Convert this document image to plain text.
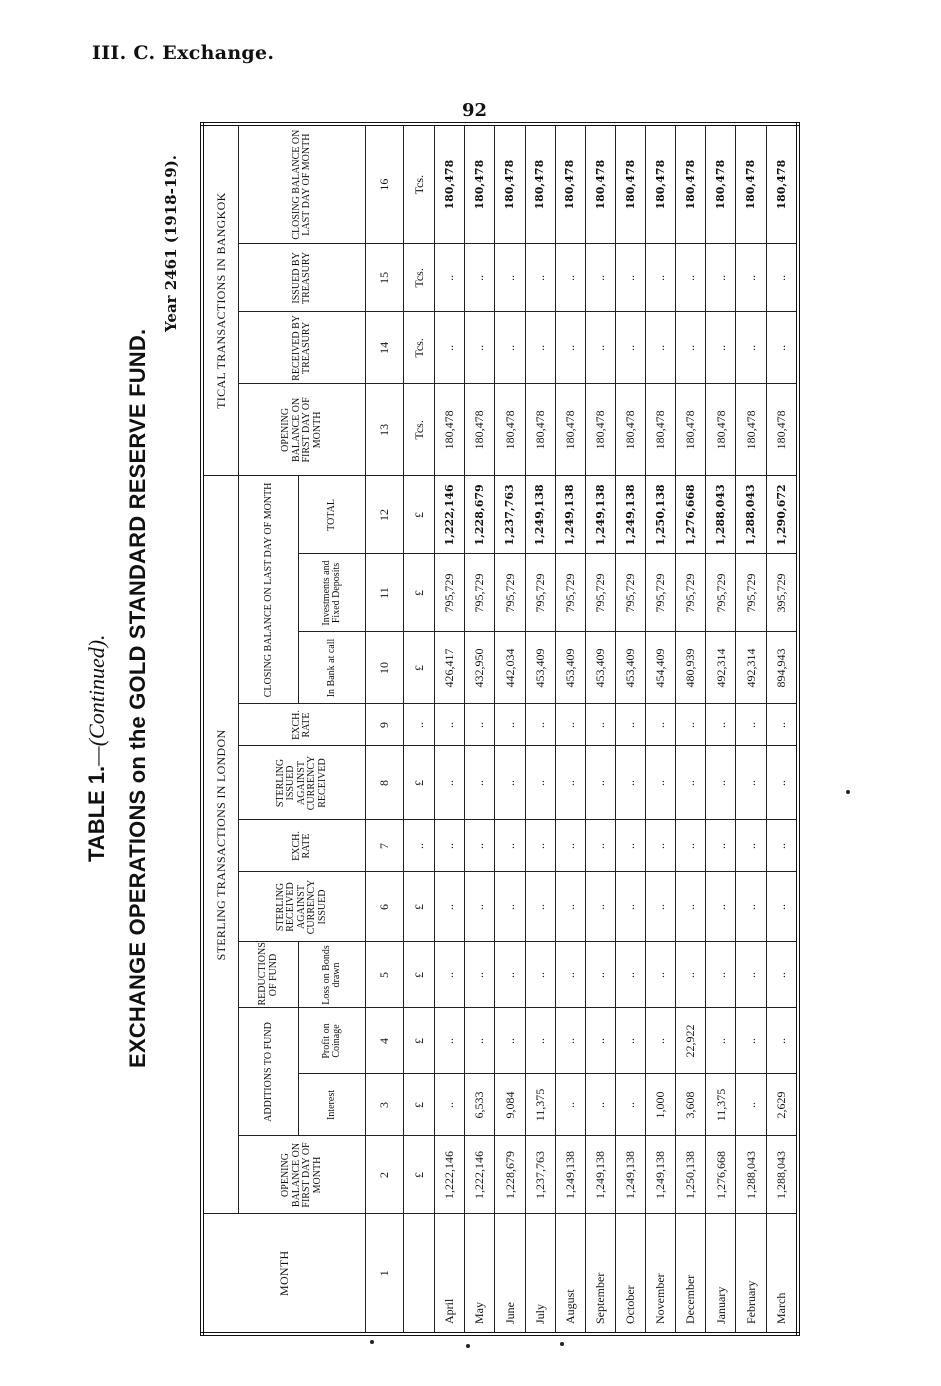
III. C. Exchange.
92
TABLE 1.—(Continued). EXCHANGE OPERATIONS on the GOLD STANDARD RESERVE FUND.
Year 2461 (1918-19).
MONTH	STERLING TRANSACTIONS IN LONDON											TICAL TRANSACTIONS IN BANGKOK			
	OPENING BALANCE ON FIRST DAY OF MONTH	ADDITIONS TO FUND		REDUCTIONS OF FUND	STERLING RECEIVED AGAINST CURRENCY ISSUED	EXCH. RATE	STERLING ISSUED AGAINST CURRENCY RECEIVED	EXCH. RATE	CLOSING BALANCE ON LAST DAY OF MONTH			OPENING BALANCE ON FIRST DAY OF MONTH	RECEIVED BY TREASURY	ISSUED BY TREASURY	CLOSING BALANCE ON LAST DAY OF MONTH
		Interest	Profit on Coinage	Loss on Bonds drawn					In Bank at call	Investments and Fixed Deposits	TOTAL				
1	2	3	4	5	6	7	8	9	10	11	12	13	14	15	16
	£	£	£	£	£	..	£	..	£	£	£	Tcs.	Tcs.	Tcs.	Tcs.
April	1,222,146	..	..	..	..	..	..	..	426,417	795,729	1,222,146	180,478	..	..	180,478
May	1,222,146	6,533	..	..	..	..	..	..	432,950	795,729	1,228,679	180,478	..	..	180,478
June	1,228,679	9,084	..	..	..	..	..	..	442,034	795,729	1,237,763	180,478	..	..	180,478
July	1,237,763	11,375	..	..	..	..	..	..	453,409	795,729	1,249,138	180,478	..	..	180,478
August	1,249,138	..	..	..	..	..	..	..	453,409	795,729	1,249,138	180,478	..	..	180,478
September	1,249,138	..	..	..	..	..	..	..	453,409	795,729	1,249,138	180,478	..	..	180,478
October	1,249,138	..	..	..	..	..	..	..	453,409	795,729	1,249,138	180,478	..	..	180,478
November	1,249,138	1,000	..	..	..	..	..	..	454,409	795,729	1,250,138	180,478	..	..	180,478
December	1,250,138	3,608	22,922	..	..	..	..	..	480,939	795,729	1,276,668	180,478	..	..	180,478
January	1,276,668	11,375	..	..	..	..	..	..	492,314	795,729	1,288,043	180,478	..	..	180,478
February	1,288,043	..	..	..	..	..	..	..	492,314	795,729	1,288,043	180,478	..	..	180,478
March	1,288,043	2,629	..	..	..	..	..	..	894,943	395,729	1,290,672	180,478	..	..	180,478
